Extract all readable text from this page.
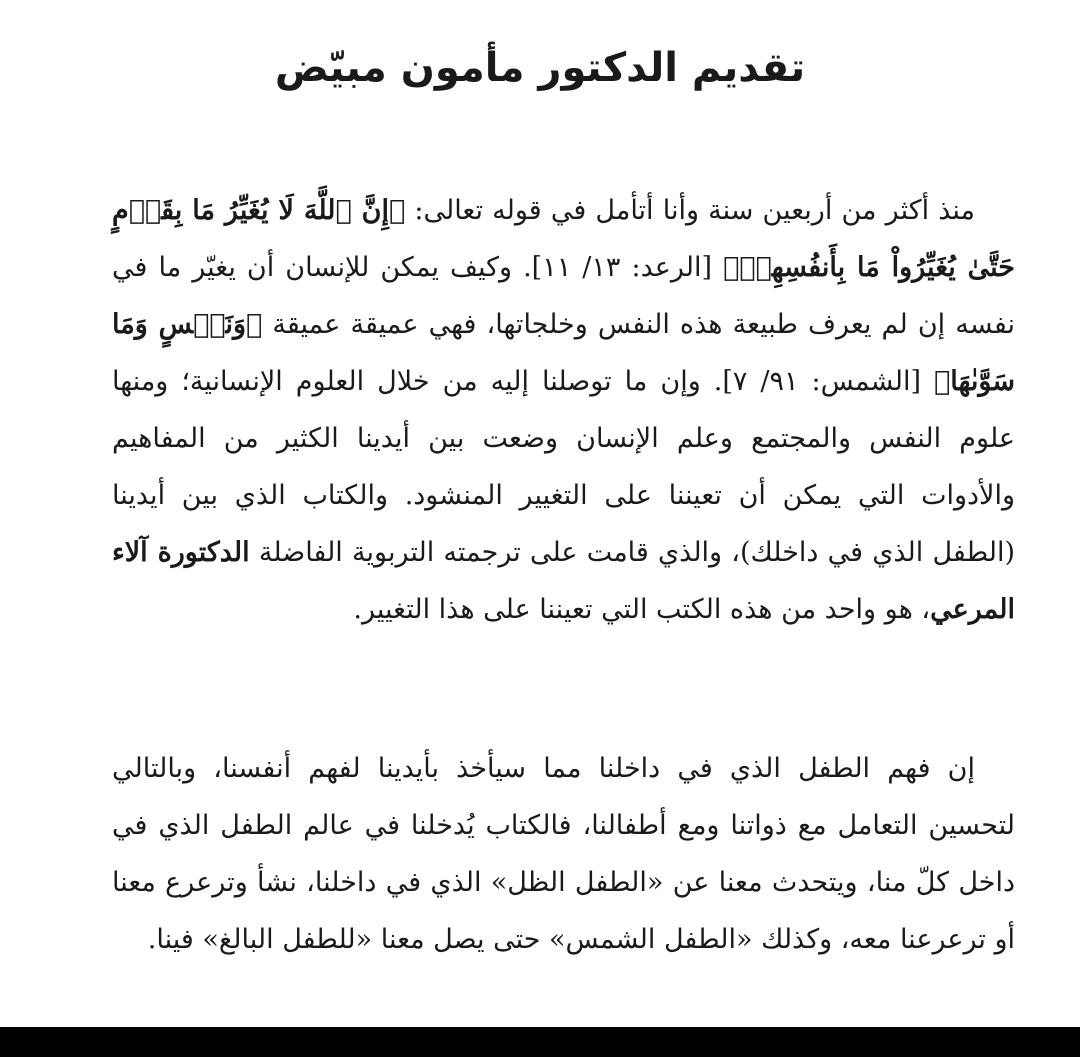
تقديم الدكتور مأمون مبيّض

منذ أكثر من أربعين سنة وأنا أتأمل في قوله تعالى: ﴿إِنَّ ٱللَّهَ لَا يُغَيِّرُ مَا بِقَوۡمٍ حَتَّىٰ يُغَيِّرُواْ مَا بِأَنفُسِهِمۡ﴾ [الرعد: ١٣/ ١١]. وكيف يمكن للإنسان أن يغيّر ما في نفسه إن لم يعرف طبيعة هذه النفس وخلجاتها، فهي عميقة عميقة ﴿وَنَفۡسٍ وَمَا سَوَّىٰهَا﴾ [الشمس: ٩١/ ٧]. وإن ما توصلنا إليه من خلال العلوم الإنسانية؛ ومنها علوم النفس والمجتمع وعلم الإنسان وضعت بين أيدينا الكثير من المفاهيم والأدوات التي يمكن أن تعيننا على التغيير المنشود. والكتاب الذي بين أيدينا (الطفل الذي في داخلك)، والذي قامت على ترجمته التربوية الفاضلة الدكتورة آلاء المرعي، هو واحد من هذه الكتب التي تعيننا على هذا التغيير.

إن فهم الطفل الذي في داخلنا مما سيأخذ بأيدينا لفهم أنفسنا، وبالتالي لتحسين التعامل مع ذواتنا ومع أطفالنا، فالكتاب يُدخلنا في عالم الطفل الذي في داخل كلّ منا، ويتحدث معنا عن «الطفل الظل» الذي في داخلنا، نشأ وترعرع معنا أو ترعرعنا معه، وكذلك «الطفل الشمس» حتى يصل معنا «للطفل البالغ» فينا.
